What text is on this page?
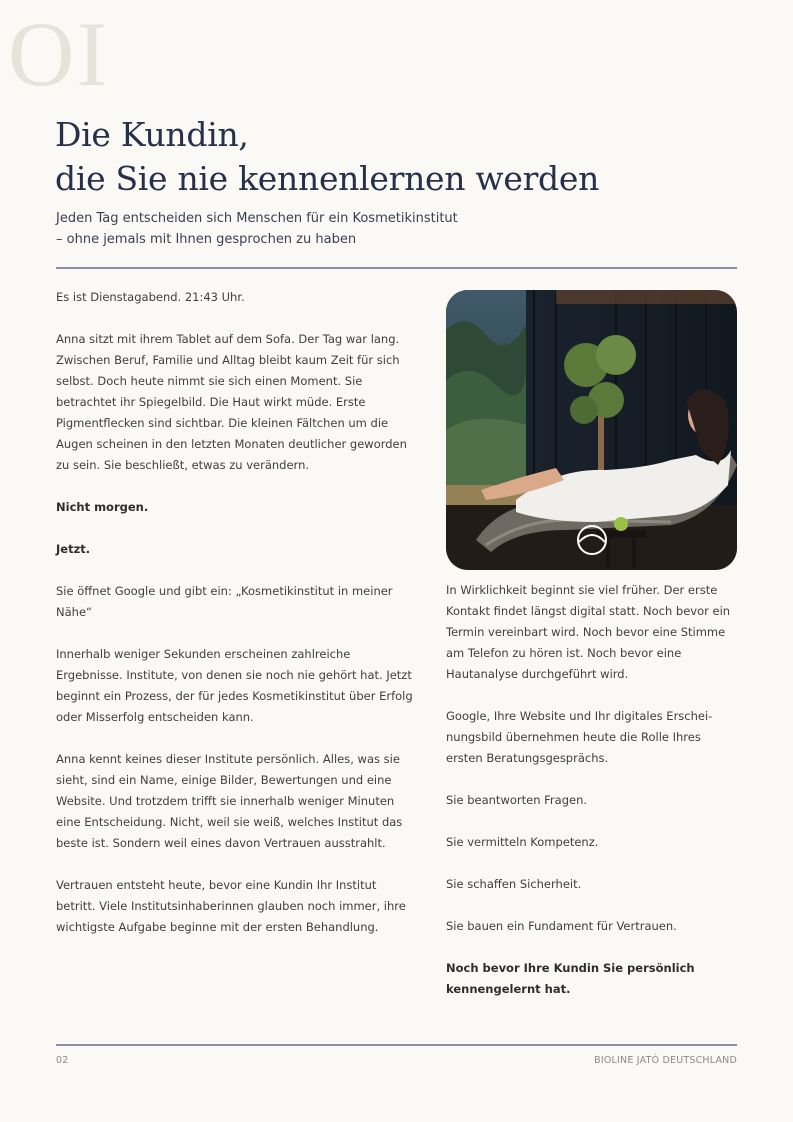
OI
Die Kundin,
die Sie nie kennenlernen werden
Jeden Tag entscheiden sich Menschen für ein Kosmetikinstitut
– ohne jemals mit Ihnen gesprochen zu haben

Es ist Dienstagabend. 21:43 Uhr.

Anna sitzt mit ihrem Tablet auf dem Sofa. Der Tag war lang. Zwischen Beruf, Familie und Alltag bleibt kaum Zeit für sich selbst. Doch heute nimmt sie sich einen Moment. Sie betrachtet ihr Spiegelbild. Die Haut wirkt müde. Erste Pigmentflecken sind sichtbar. Die kleinen Fältchen um die Augen scheinen in den letzten Monaten deutlicher geworden zu sein. Sie beschließt, etwas zu verändern.

Nicht morgen.

Jetzt.

Sie öffnet Google und gibt ein: „Kosmetikinstitut in meiner Nähe“

Innerhalb weniger Sekunden erscheinen zahlreiche Ergebnisse. Institute, von denen sie noch nie gehört hat. Jetzt beginnt ein Prozess, der für jedes Kosmetikinstitut über Erfolg oder Misserfolg entscheiden kann.

Anna kennt keines dieser Institute persönlich. Alles, was sie sieht, sind ein Name, einige Bilder, Bewertungen und eine Website. Und trotzdem trifft sie innerhalb weniger Minuten eine Entscheidung. Nicht, weil sie weiß, welches Institut das beste ist. Sondern weil eines davon Vertrauen ausstrahlt.

Vertrauen entsteht heute, bevor eine Kundin Ihr Institut betritt. Viele Institutsinhaberinnen glauben noch immer, ihre wichtigste Aufgabe beginne mit der ersten Behandlung.

In Wirklichkeit beginnt sie viel früher. Der erste Kontakt findet längst digital statt. Noch bevor ein Termin vereinbart wird. Noch bevor eine Stimme am Telefon zu hören ist. Noch bevor eine Hautanalyse durchgeführt wird.

Google, Ihre Website und Ihr digitales Erschei- nungsbild übernehmen heute die Rolle Ihres ersten Beratungsgesprächs.

Sie beantworten Fragen.

Sie vermitteln Kompetenz.

Sie schaffen Sicherheit.

Sie bauen ein Fundament für Vertrauen.

Noch bevor Ihre Kundin Sie persönlich kennengelernt hat.

02	BIOLINE JATÓ DEUTSCHLAND
